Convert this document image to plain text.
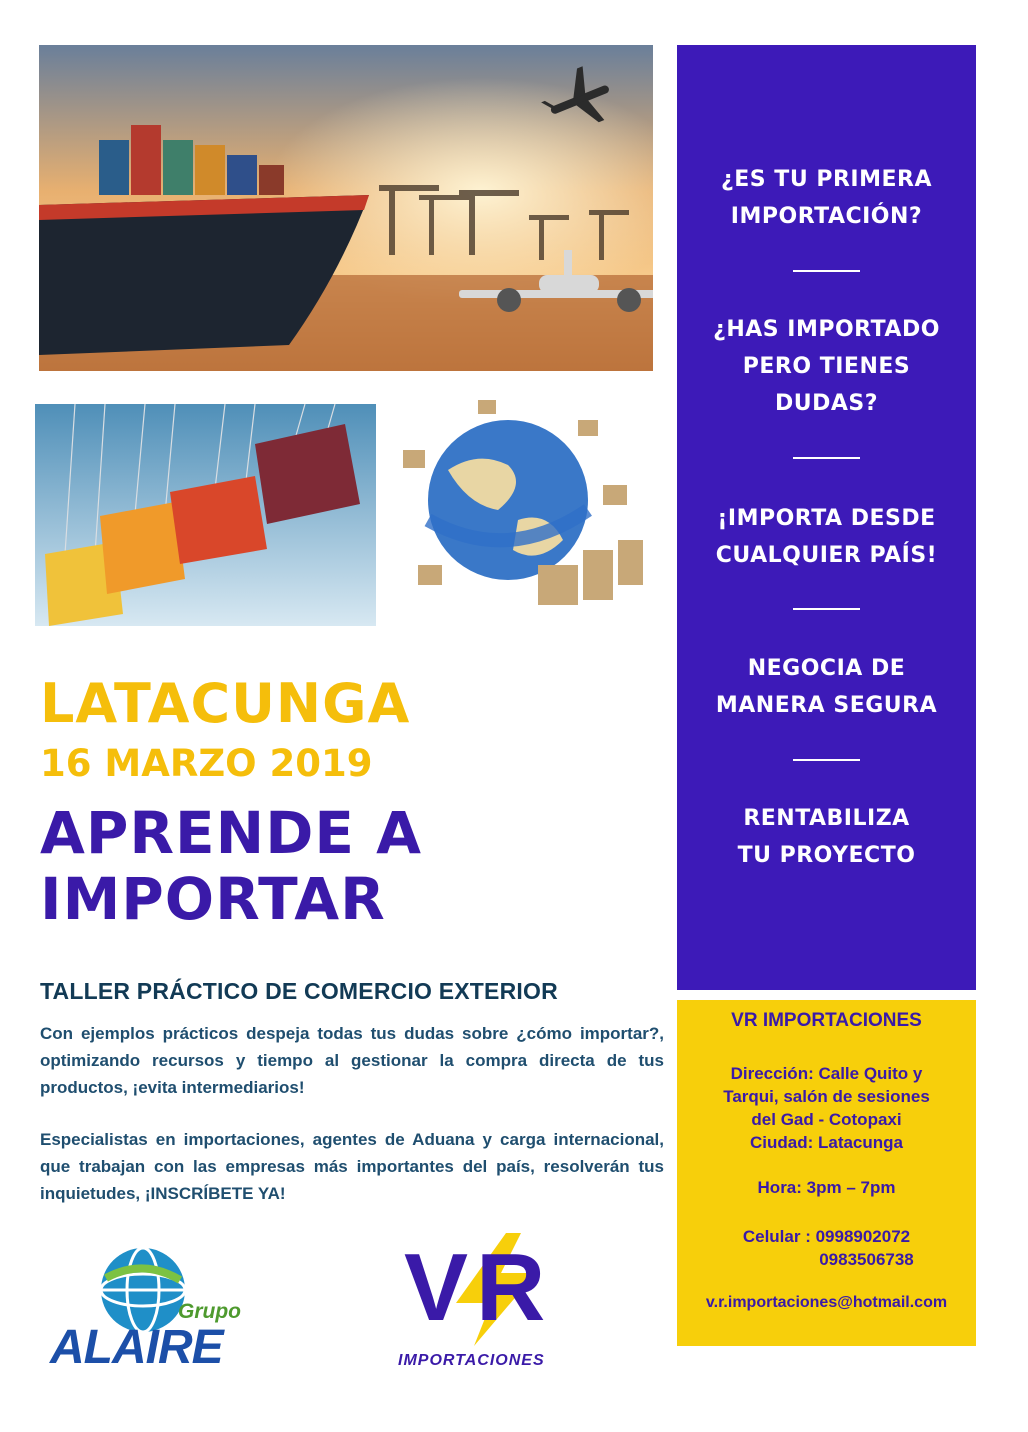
¿ES TU PRIMERA
IMPORTACIÓN?
¿HAS IMPORTADO
PERO TIENES
DUDAS?
¡IMPORTA DESDE
CUALQUIER PAÍS!
NEGOCIA DE
MANERA SEGURA
RENTABILIZA
TU PROYECTO
LATACUNGA
16 MARZO 2019
APRENDE A
IMPORTAR
TALLER PRÁCTICO DE COMERCIO EXTERIOR
Con ejemplos prácticos despeja todas tus dudas sobre ¿cómo importar?, optimizando recursos y tiempo al gestionar la compra directa de tus productos, ¡evita intermediarios!
Especialistas en importaciones, agentes de Aduana y carga internacional, que trabajan con las empresas más importantes del país, resolverán tus inquietudes, ¡INSCRÍBETE YA!
VR IMPORTACIONES
Dirección: Calle Quito y
Tarqui, salón de sesiones
del Gad - Cotopaxi
Ciudad: Latacunga
Hora: 3pm – 7pm
Celular : 0998902072
0983506738
v.r.importaciones@hotmail.com
Grupo
ALAIRE
VR
IMPORTACIONES
